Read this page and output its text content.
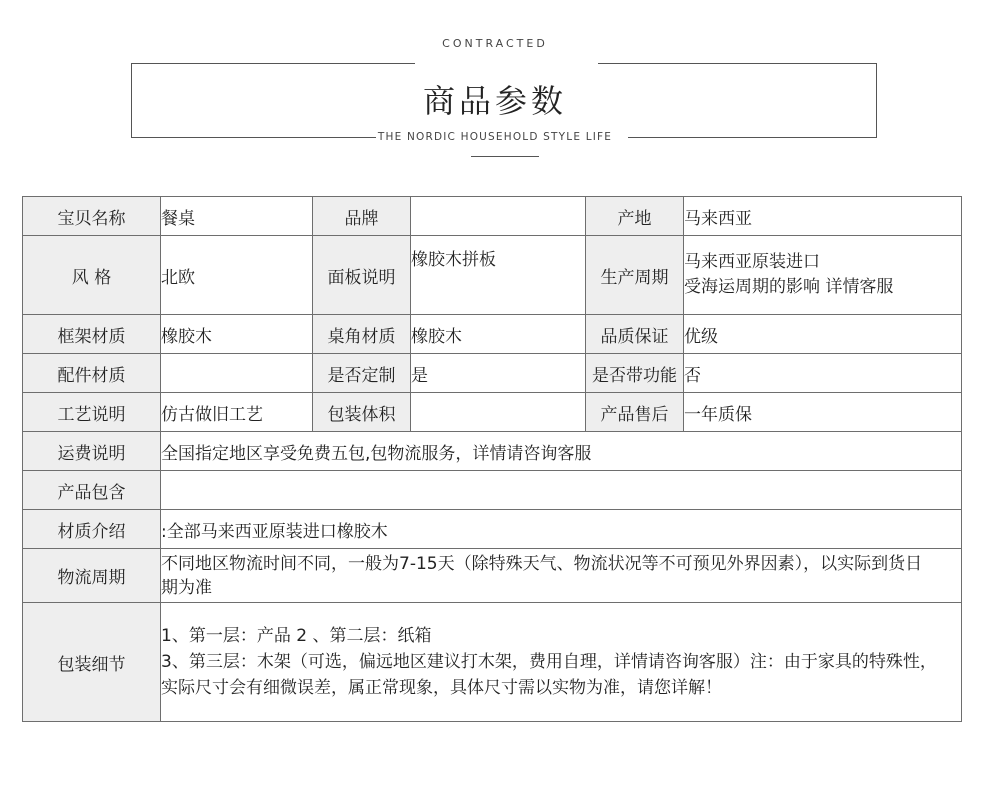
CONTRACTED
商品参数
THE NORDIC HOUSEHOLD STYLE LIFE
宝贝名称	餐桌	品牌		产地	马来西亚
风 格	北欧	面板说明	橡胶木拼板	生产周期	马来西亚原装进口
受海运周期的影响 详情客服

框架材质	橡胶木	桌角材质	橡胶木	品质保证	优级
配件材质		是否定制	是	是否带功能	否
工艺说明	仿古做旧工艺	包装体积		产品售后	一年质保
运费说明	全国指定地区享受免费五包,包物流服务，详情请咨询客服				
产品包含					
材质介绍	:全部马来西亚原装进口橡胶木				
物流周期	不同地区物流时间不同，一般为7-15天（除特殊天气、物流状况等不可预见外界因素），以实际到货日
期为准				

包装细节	1、第一层：产品 2 、第二层：纸箱
3、第三层：木架（可选，偏远地区建议打木架，费用自理，详情请咨询客服）注：由于家具的特殊性，
实际尺寸会有细微误差，属正常现象，具体尺寸需以实物为准，请您详解！				
